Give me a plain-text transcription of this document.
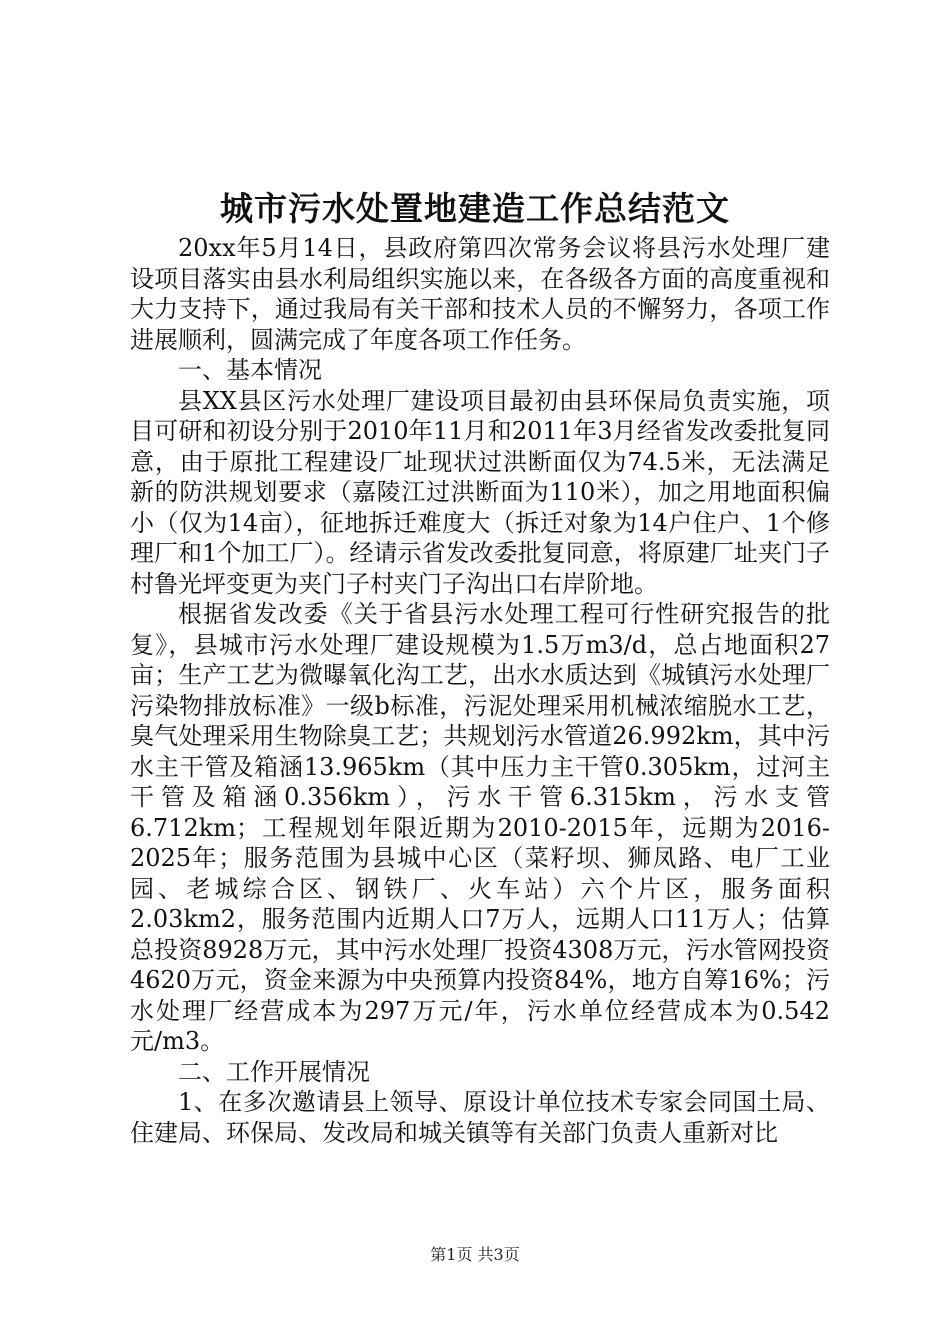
城市污水处置地建造工作总结范文

20xx年5月14日，县政府第四次常务会议将县污水处理厂建设项目落实由县水利局组织实施以来，在各级各方面的高度重视和大力支持下，通过我局有关干部和技术人员的不懈努力，各项工作进展顺利，圆满完成了年度各项工作任务。

一、基本情况

县XX县区污水处理厂建设项目最初由县环保局负责实施，项目可研和初设分别于2010年11月和2011年3月经省发改委批复同意，由于原批工程建设厂址现状过洪断面仅为74.5米，无法满足新的防洪规划要求（嘉陵江过洪断面为110米），加之用地面积偏小（仅为14亩），征地拆迁难度大（拆迁对象为14户住户、1个修理厂和1个加工厂）。经请示省发改委批复同意，将原建厂址夹门子村鲁光坪变更为夹门子村夹门子沟出口右岸阶地。

根据省发改委《关于省县污水处理工程可行性研究报告的批复》，县城市污水处理厂建设规模为1.5万m3/d，总占地面积27亩；生产工艺为微曝氧化沟工艺，出水水质达到《城镇污水处理厂污染物排放标准》一级b标准，污泥处理采用机械浓缩脱水工艺，臭气处理采用生物除臭工艺；共规划污水管道26.992km，其中污水主干管及箱涵13.965km（其中压力主干管0.305km，过河主干管及箱涵0.356km），污水干管6.315km，污水支管6.712km；工程规划年限近期为2010-2015年，远期为2016-2025年；服务范围为县城中心区（菜籽坝、狮凤路、电厂工业园、老城综合区、钢铁厂、火车站）六个片区，服务面积2.03km2，服务范围内近期人口7万人，远期人口11万人；估算总投资8928万元，其中污水处理厂投资4308万元，污水管网投资4620万元，资金来源为中央预算内投资84%，地方自筹16%；污水处理厂经营成本为297万元/年，污水单位经营成本为0.542元/m3。

二、工作开展情况

1、在多次邀请县上领导、原设计单位技术专家会同国土局、住建局、环保局、发改局和城关镇等有关部门负责人重新对比

第1页 共3页
